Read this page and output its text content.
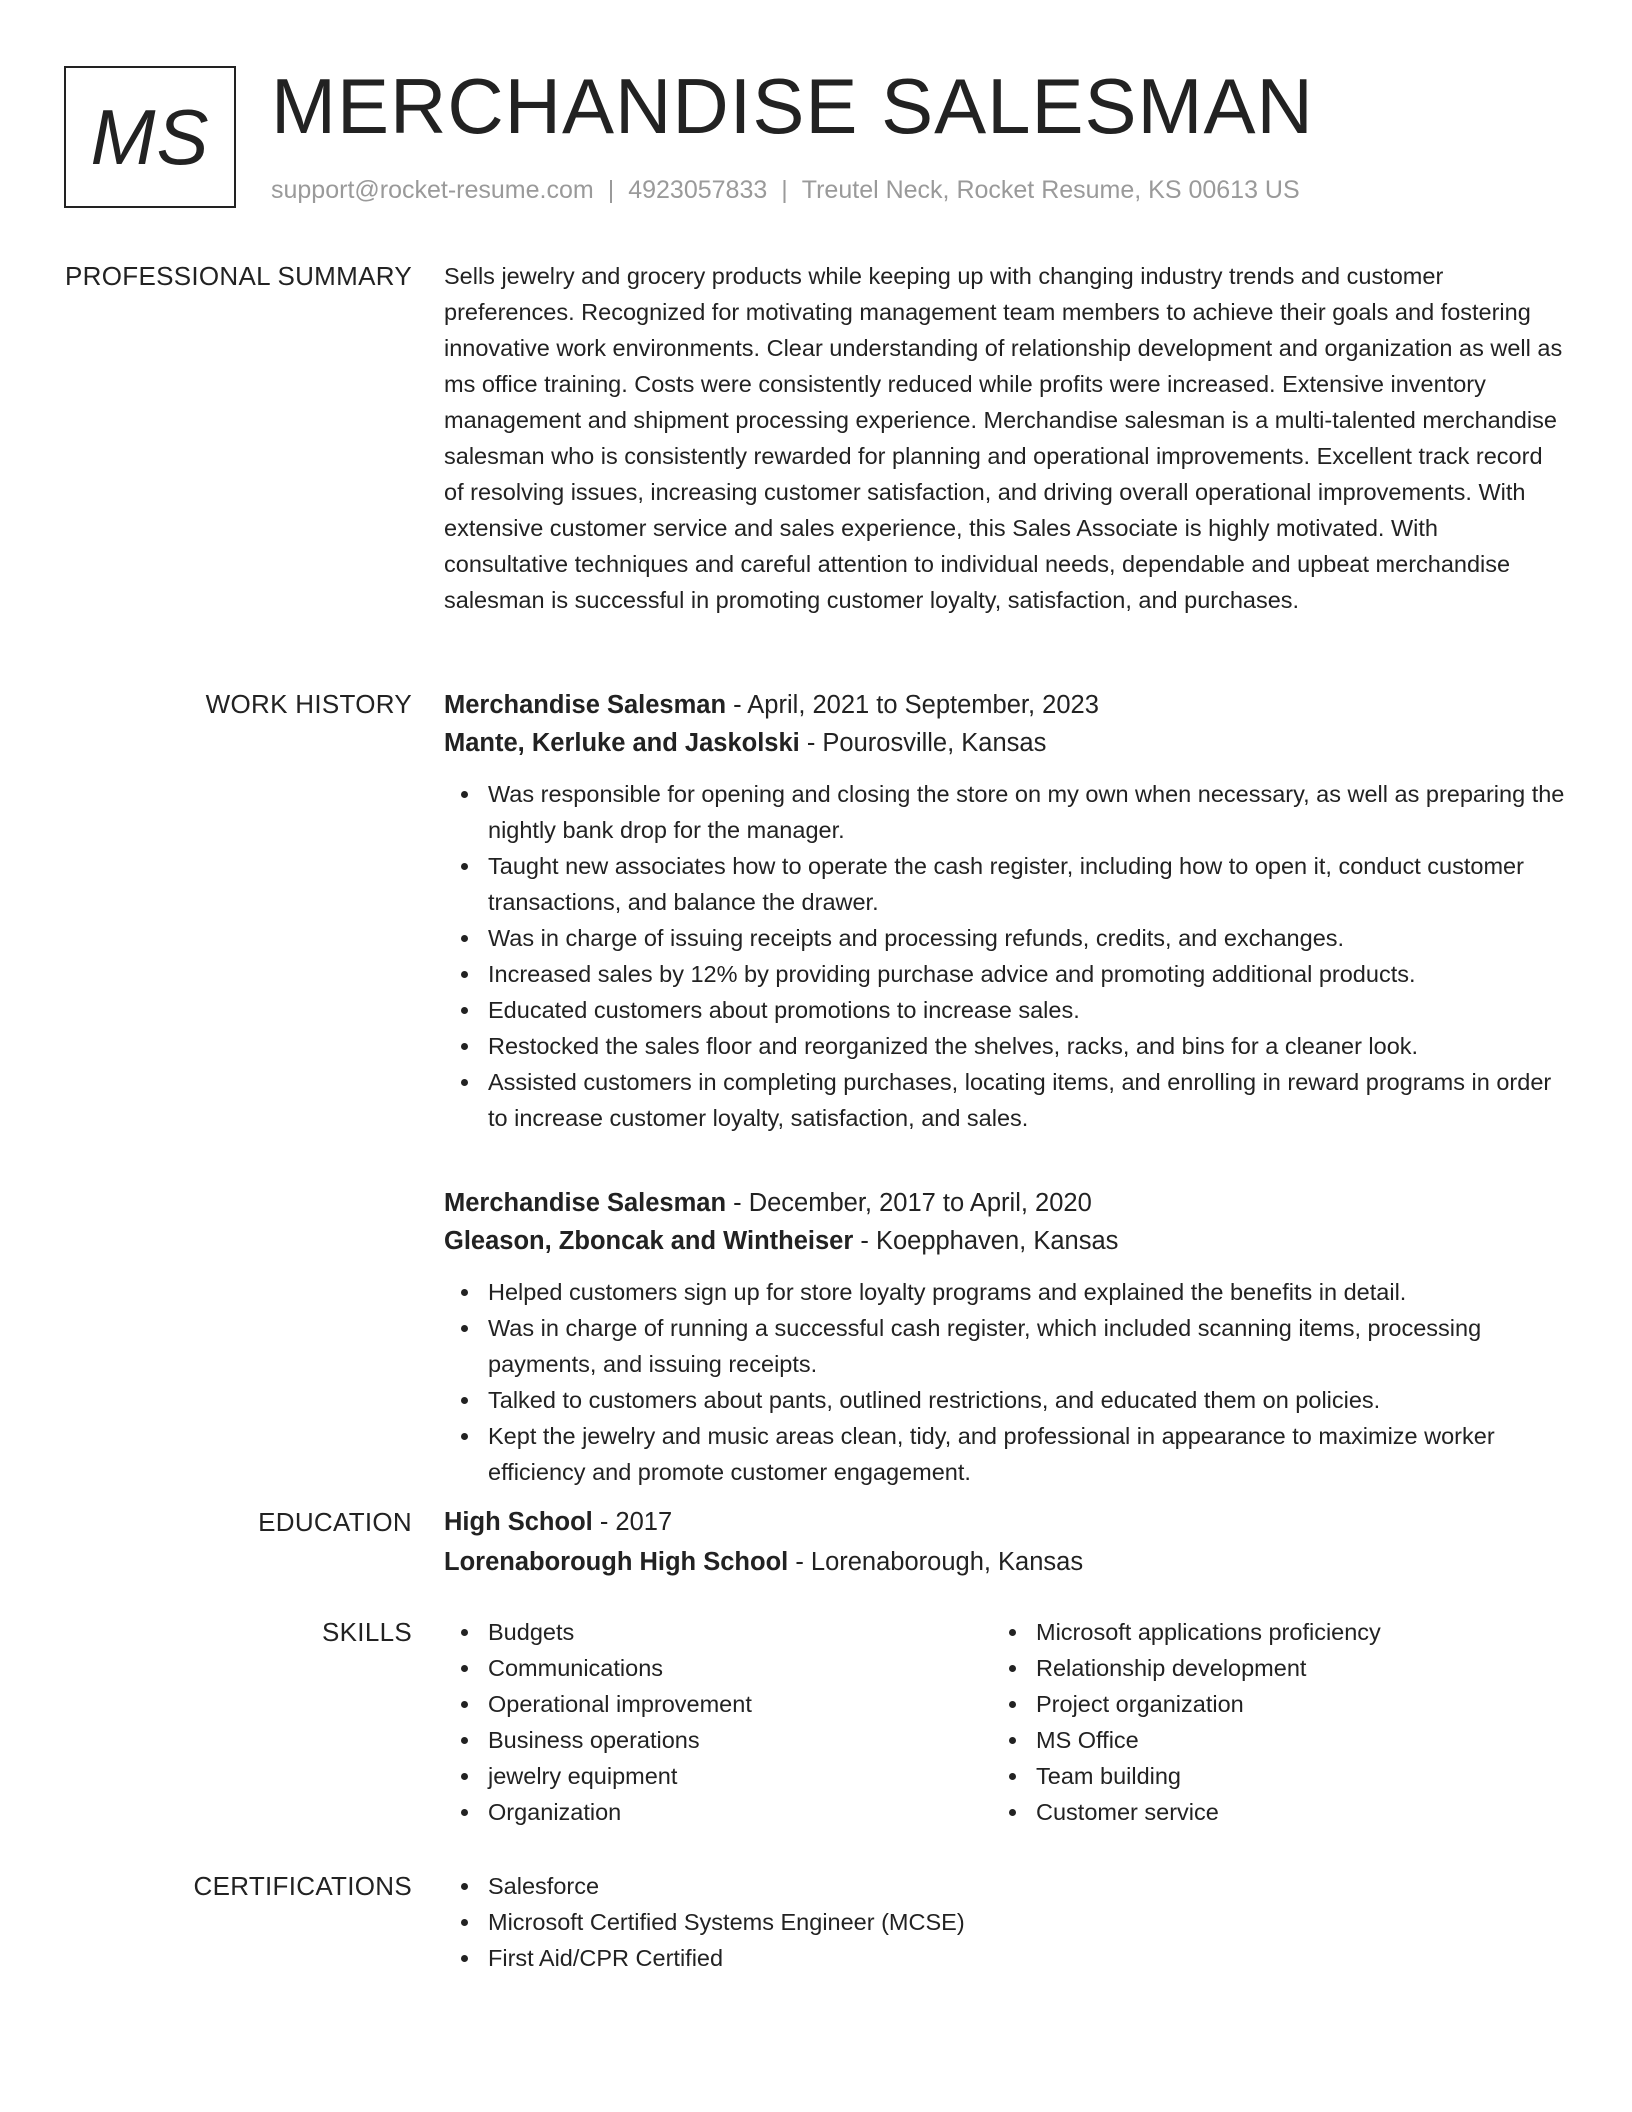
MS MERCHANDISE SALESMAN
support@rocket-resume.com | 4923057833 | Treutel Neck, Rocket Resume, KS 00613 US
PROFESSIONAL SUMMARY Sells jewelry and grocery products while keeping up with changing industry trends and customer preferences. Recognized for motivating management team members to achieve their goals and fostering innovative work environments. Clear understanding of relationship development and organization as well as ms office training. Costs were consistently reduced while profits were increased. Extensive inventory management and shipment processing experience. Merchandise salesman is a multi-talented merchandise salesman who is consistently rewarded for planning and operational improvements. Excellent track record of resolving issues, increasing customer satisfaction, and driving overall operational improvements. With extensive customer service and sales experience, this Sales Associate is highly motivated. With consultative techniques and careful attention to individual needs, dependable and upbeat merchandise salesman is successful in promoting customer loyalty, satisfaction, and purchases.

WORK HISTORY Merchandise Salesman - April, 2021 to September, 2023
Mante, Kerluke and Jaskolski - Pourosville, Kansas
Was responsible for opening and closing the store on my own when necessary, as well as preparing the nightly bank drop for the manager.
Taught new associates how to operate the cash register, including how to open it, conduct customer transactions, and balance the drawer.
Was in charge of issuing receipts and processing refunds, credits, and exchanges.
Increased sales by 12% by providing purchase advice and promoting additional products.
Educated customers about promotions to increase sales.
Restocked the sales floor and reorganized the shelves, racks, and bins for a cleaner look.
Assisted customers in completing purchases, locating items, and enrolling in reward programs in order to increase customer loyalty, satisfaction, and sales.
Merchandise Salesman - December, 2017 to April, 2020
Gleason, Zboncak and Wintheiser - Koepphaven, Kansas
Helped customers sign up for store loyalty programs and explained the benefits in detail.
Was in charge of running a successful cash register, which included scanning items, processing payments, and issuing receipts.
Talked to customers about pants, outlined restrictions, and educated them on policies.
Kept the jewelry and music areas clean, tidy, and professional in appearance to maximize worker efficiency and promote customer engagement.
EDUCATION High School - 2017
Lorenaborough High School - Lorenaborough, Kansas
SKILLS	Budgets
Communications
Operational improvement
Business operations
jewelry equipment
Organization
Microsoft applications proficiency
Relationship development
Project organization
MS Office
Team building
Customer service
CERTIFICATIONS	Salesforce
Microsoft Certified Systems Engineer (MCSE)
First Aid/CPR Certified
